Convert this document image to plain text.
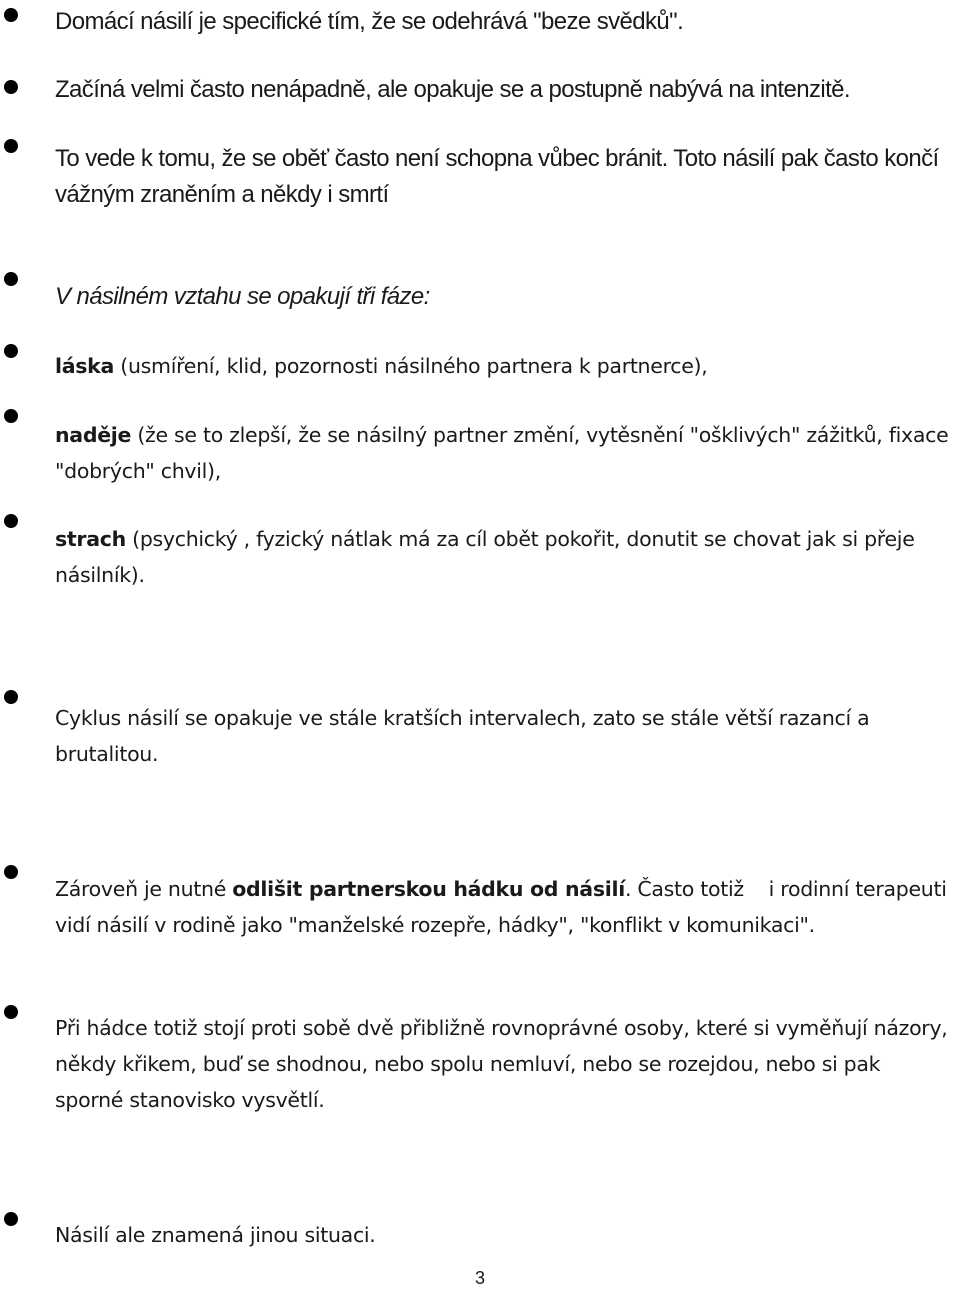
Domácí násilí je specifické tím, že se odehrává "beze svědků".

Začíná velmi často nenápadně, ale opakuje se a postupně nabývá na intenzitě.

To vede k tomu, že se oběť často není schopna vůbec bránit. Toto násilí pak často končí vážným zraněním a někdy i smrtí

V násilném vztahu se opakují tři fáze:

láska (usmíření, klid, pozornosti násilného partnera k partnerce),

naděje (že se to zlepší, že se násilný partner změní, vytěsnění "ošklivých" zážitků, fixace "dobrých" chvil),

strach (psychický , fyzický nátlak má za cíl obět pokořit, donutit se chovat jak si přeje násilník).

Cyklus násilí se opakuje ve stále kratších intervalech, zato se stále větší razancí a brutalitou.

Zároveň je nutné odlišit partnerskou hádku od násilí. Často totiž    i rodinní terapeuti vidí násilí v rodině jako "manželské rozepře, hádky", "konflikt v komunikaci".

Při hádce totiž stojí proti sobě dvě přibližně rovnoprávné osoby, které si vyměňují názory, někdy křikem, buď se shodnou, nebo spolu nemluví, nebo se rozejdou, nebo si pak sporné stanovisko vysvětlí.

Násilí ale znamená jinou situaci.

3
